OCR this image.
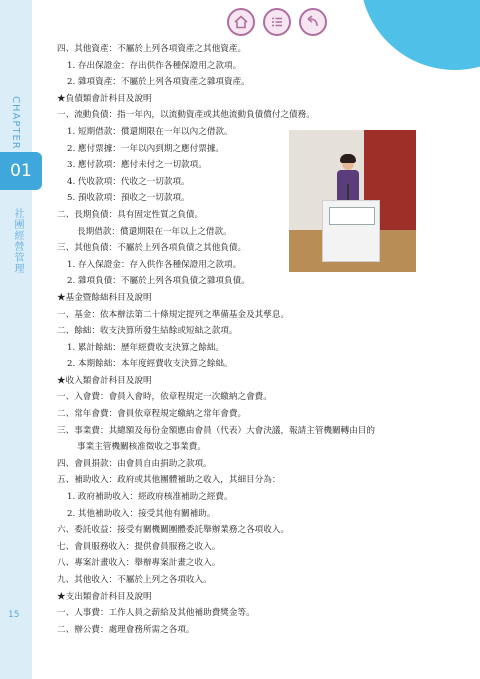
CHAPTER
01
社團經營管理
15
四、其他資產：不屬於上列各項資產之其他資產。
1. 存出保證金：存出供作各種保證用之款項。
2. 雜項資產：不屬於上列各項資產之雜項資產。
★負債類會計科目及說明
一、流動負債：指一年內，以流動資產或其他流動負債償付之債務。
1. 短期借款：償還期限在一年以內之借款。
2. 應付票據：一年以內到期之應付票據。
3. 應付款項：應付未付之一切款項。
4. 代收款項：代收之一切款項。
5. 預收款項：預收之一切款項。
二、長期負債：具有固定性質之負債。
長期借款：償還期限在一年以上之借款。
三、其他負債：不屬於上列各項負債之其他負債。
1. 存入保證金：存入供作各種保證用之款項。
2. 雜項負債：不屬於上列各項負債之雜項負債。
★基金暨餘絀科目及說明
一、基金：依本辦法第二十條規定提列之準備基金及其孳息。
二、餘絀：收支決算所發生結餘或短絀之款項。
1. 累計餘絀：歷年經費收支決算之餘絀。
2. 本期餘絀：本年度經費收支決算之餘絀。
★收入類會計科目及說明
一、入會費：會員入會時，依章程規定一次繳納之會費。
二、常年會費：會員依章程規定繳納之常年會費。
三、事業費：其總額及每份金額應由會員（代表）大會決議，報請主管機關轉由目的
事業主管機關核准徵收之事業費。
四、會員捐款：由會員自由捐助之款項。
五、補助收入：政府或其他團體補助之收入，其細目分為：
1. 政府補助收入：經政府核准補助之經費。
2. 其他補助收入：接受其他有關補助。
六、委託收益：接受有關機關團體委託舉辦業務之各項收入。
七、會員服務收入：提供會員服務之收入。
八、專案計畫收入：舉辦專案計畫之收入。
九、其他收入：不屬於上列之各項收入。
★支出類會計科目及說明
一、人事費：工作人員之薪給及其他補助費獎金等。
二、辦公費：處理會務所需之各項。
